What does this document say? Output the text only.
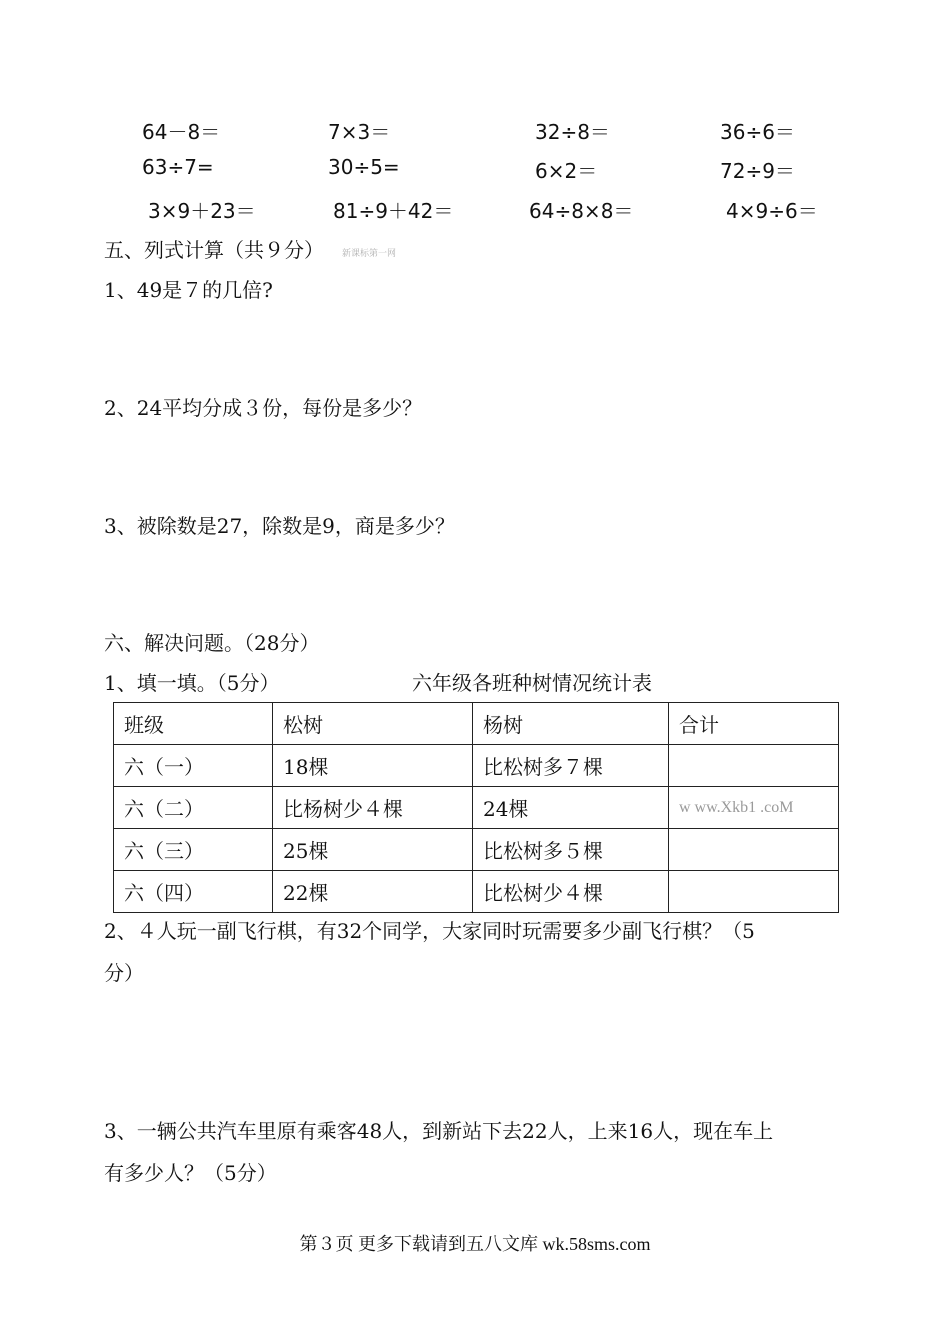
64－8＝	7×3＝	32÷8＝	36÷6＝
63÷7=	30÷5=	6×2＝	72÷9＝
3×9＋23＝	81÷9＋42＝	64÷8×8＝	4×9÷6＝
五、列式计算（共９分） 新课标第一网
1、49是７的几倍?
2、24平均分成３份，每份是多少？
3、被除数是27，除数是9，商是多少？
六、解决问题。（28分）
1、填一填。（5分）	六年级各班种树情况统计表
班级	松树	杨树	合计
六（一）	18棵	比松树多７棵	
六（二）	比杨树少４棵	24棵	w ww.Xkb1 .coM
六（三）	25棵	比松树多５棵	
六（四）	22棵	比松树少４棵	
2、４人玩一副飞行棋，有32个同学，大家同时玩需要多少副飞行棋？（5
分）
3、一辆公共汽车里原有乘客48人，到新站下去22人，上来16人，现在车上
有多少人？（5分）
第３页 更多下载请到五八文库 wk.58sms.com
